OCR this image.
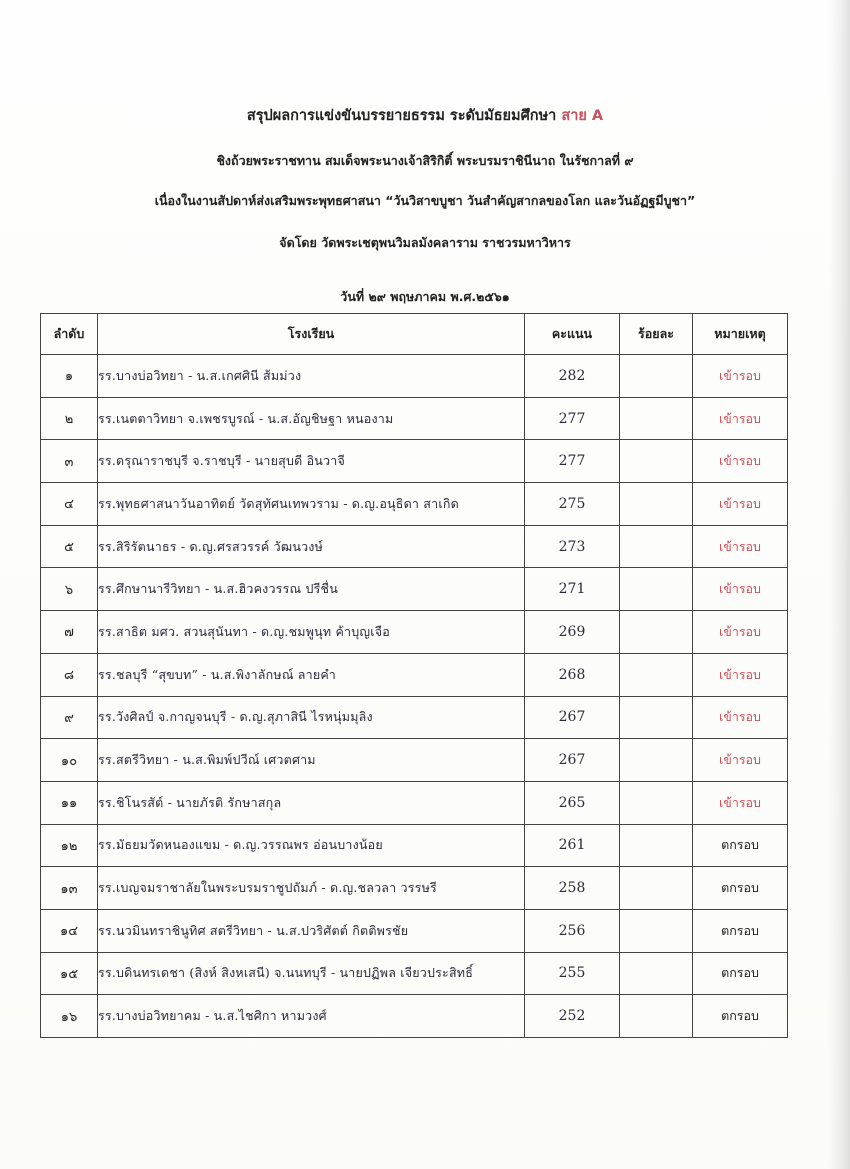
สรุปผลการแข่งขันบรรยายธรรม ระดับมัธยมศึกษา สาย A
ชิงถ้วยพระราชทาน สมเด็จพระนางเจ้าสิริกิติ์ พระบรมราชินีนาถ ในรัชกาลที่ ๙
เนื่องในงานสัปดาห์ส่งเสริมพระพุทธศาสนา “วันวิสาขบูชา วันสำคัญสากลของโลก และวันอัฏฐมีบูชา”
จัดโดย วัดพระเชตุพนวิมลมังคลาราม ราชวรมหาวิหาร
วันที่ ๒๙ พฤษภาคม พ.ศ.๒๕๖๑
ลำดับ	โรงเรียน	คะแนน	ร้อยละ	หมายเหตุ
๑	รร.บางบ่อวิทยา - น.ส.เกศศินี ส้มม่วง	282		เข้ารอบ
๒	รร.เนตตาวิทยา จ.เพชรบูรณ์ - น.ส.อัญชิษฐา หนองาม	277		เข้ารอบ
๓	รร.ดรุณาราชบุรี จ.ราชบุรี - นายสุบดี อินวาจี	277		เข้ารอบ
๔	รร.พุทธศาสนาวันอาทิตย์ วัดสุทัศนเทพวราม - ด.ญ.อนุธิดา สาเกิด	275		เข้ารอบ
๕	รร.สิริรัตนาธร - ด.ญ.ศรสวรรค์ วัฒนวงษ์	273		เข้ารอบ
๖	รร.ศึกษานารีวิทยา - น.ส.ฮิวคงวรรณ ปรีชื่น	271		เข้ารอบ
๗	รร.สาธิต มศว. สวนสุนันทา - ด.ญ.ชมพูนุท ค้าบุญเจือ	269		เข้ารอบ
๘	รร.ชลบุรี “สุขบท” - น.ส.พิงาลักษณ์ ลายคำ	268		เข้ารอบ
๙	รร.วังศิลป์ จ.กาญจนบุรี - ด.ญ.สุภาสินี ไรหนุ่มมุลิง	267		เข้ารอบ
๑๐	รร.สตรีวิทยา - น.ส.พิมพ์ปวีณ์ เศวตศาม	267		เข้ารอบ
๑๑	รร.ชิโนรสัต์ - นายภัรติ รักษาสกุล	265		เข้ารอบ
๑๒	รร.มัธยมวัดหนองแขม - ด.ญ.วรรณพร อ่อนบางน้อย	261		ตกรอบ
๑๓	รร.เบญจมราชาลัยในพระบรมราชูปถัมภ์ - ด.ญ.ชลวลา วรรษรี	258		ตกรอบ
๑๔	รร.นวมินทราชินูทิศ สตรีวิทยา - น.ส.ปวริศัตต์ กิตติพรชัย	256		ตกรอบ
๑๕	รร.บดินทรเดชา (สิงห์ สิงหเสนี) จ.นนทบุรี - นายปฏิพล เจียวประสิทธิ์	255		ตกรอบ
๑๖	รร.บางบ่อวิทยาคม - น.ส.ไชศิกา หามวงศ์	252		ตกรอบ
